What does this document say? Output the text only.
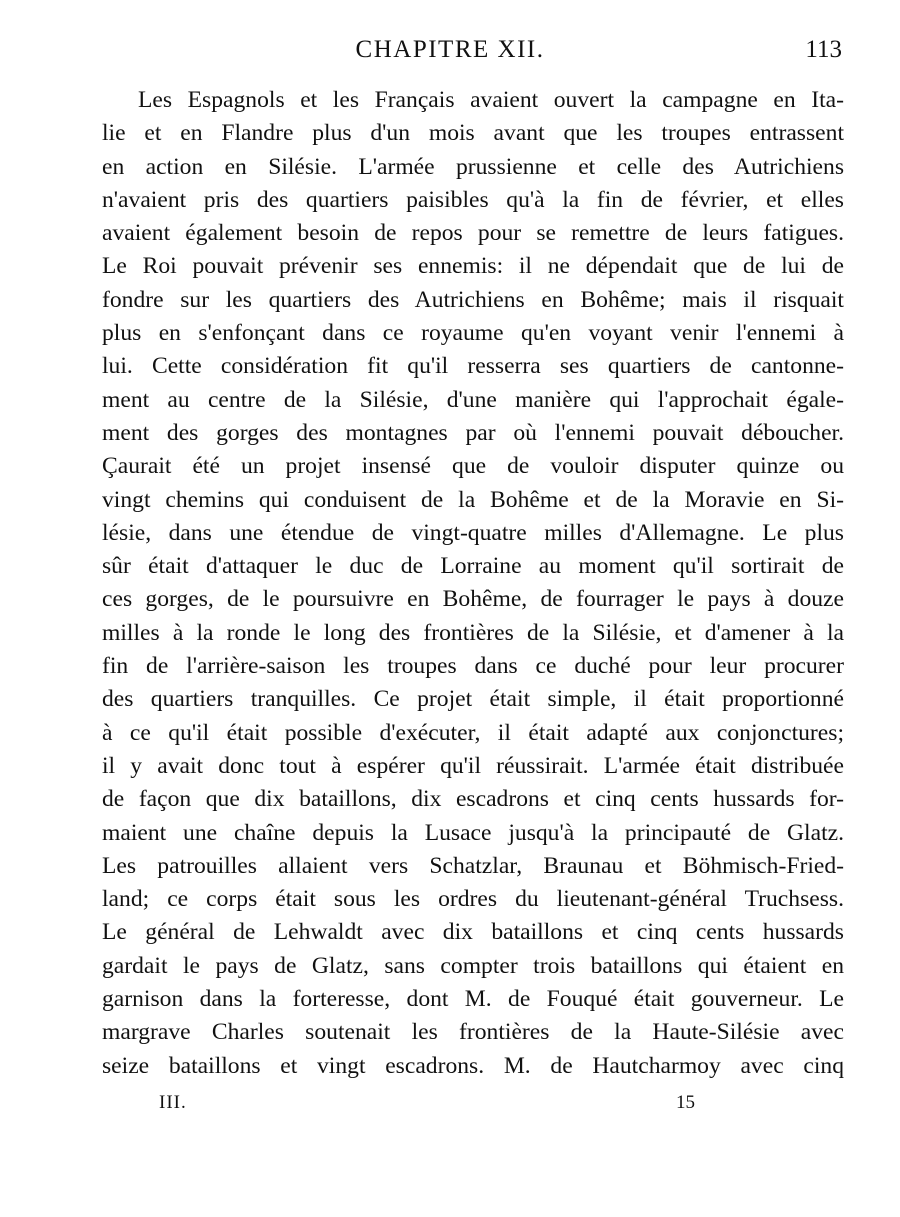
CHAPITRE XII.	113
Les Espagnols et les Français avaient ouvert la campagne en Ita-
lie et en Flandre plus d'un mois avant que les troupes entrassent
en action en Silésie. L'armée prussienne et celle des Autrichiens
n'avaient pris des quartiers paisibles qu'à la fin de février, et elles
avaient également besoin de repos pour se remettre de leurs fatigues.
Le Roi pouvait prévenir ses ennemis: il ne dépendait que de lui de
fondre sur les quartiers des Autrichiens en Bohême; mais il risquait
plus en s'enfonçant dans ce royaume qu'en voyant venir l'ennemi à
lui. Cette considération fit qu'il resserra ses quartiers de cantonne-
ment au centre de la Silésie, d'une manière qui l'approchait égale-
ment des gorges des montagnes par où l'ennemi pouvait déboucher.
Çaurait été un projet insensé que de vouloir disputer quinze ou
vingt chemins qui conduisent de la Bohême et de la Moravie en Si-
lésie, dans une étendue de vingt-quatre milles d'Allemagne. Le plus
sûr était d'attaquer le duc de Lorraine au moment qu'il sortirait de
ces gorges, de le poursuivre en Bohême, de fourrager le pays à douze
milles à la ronde le long des frontières de la Silésie, et d'amener à la
fin de l'arrière-saison les troupes dans ce duché pour leur procurer
des quartiers tranquilles. Ce projet était simple, il était proportionné
à ce qu'il était possible d'exécuter, il était adapté aux conjonctures;
il y avait donc tout à espérer qu'il réussirait. L'armée était distribuée
de façon que dix bataillons, dix escadrons et cinq cents hussards for-
maient une chaîne depuis la Lusace jusqu'à la principauté de Glatz.
Les patrouilles allaient vers Schatzlar, Braunau et Böhmisch-Fried-
land; ce corps était sous les ordres du lieutenant-général Truchsess.
Le général de Lehwaldt avec dix bataillons et cinq cents hussards
gardait le pays de Glatz, sans compter trois bataillons qui étaient en
garnison dans la forteresse, dont M. de Fouqué était gouverneur. Le
margrave Charles soutenait les frontières de la Haute-Silésie avec
seize bataillons et vingt escadrons. M. de Hautcharmoy avec cinq
III.	15
